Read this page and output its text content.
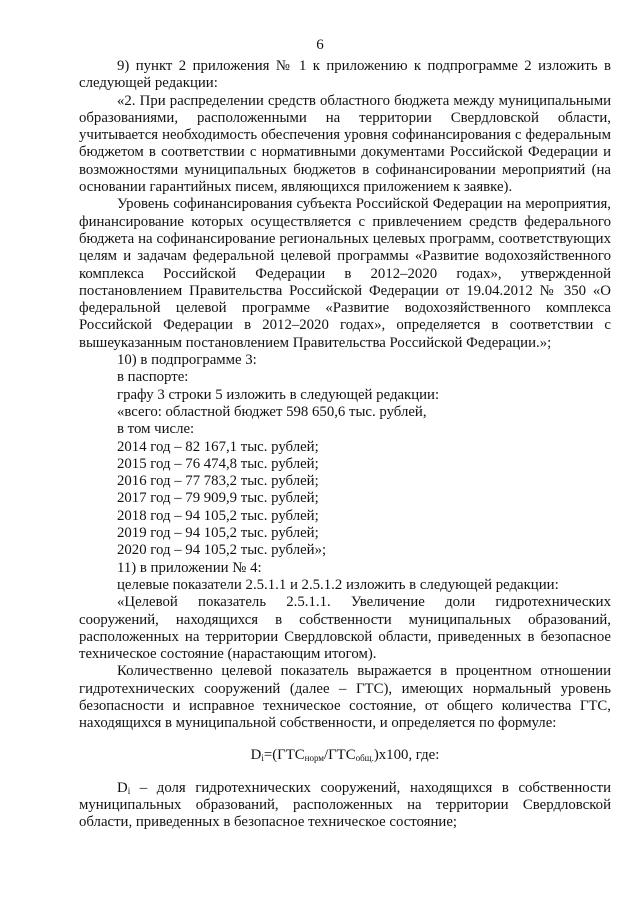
6

9) пункт 2 приложения № 1 к приложению к подпрограмме 2 изложить в следующей редакции:

«2. При распределении средств областного бюджета между муниципальными образованиями, расположенными на территории Свердловской области, учитывается необходимость обеспечения уровня софинансирования с федеральным бюджетом в соответствии с нормативными документами Российской Федерации и возможностями муниципальных бюджетов в софинансировании мероприятий (на основании гарантийных писем, являющихся приложением к заявке).

Уровень софинансирования субъекта Российской Федерации на мероприятия, финансирование которых осуществляется с привлечением средств федерального бюджета на софинансирование региональных целевых программ, соответствующих целям и задачам федеральной целевой программы «Развитие водохозяйственного комплекса Российской Федерации в 2012–2020 годах», утвержденной постановлением Правительства Российской Федерации от 19.04.2012 № 350 «О федеральной целевой программе «Развитие водохозяйственного комплекса Российской Федерации в 2012–2020 годах», определяется в соответствии с вышеуказанным постановлением Правительства Российской Федерации.»;

10) в подпрограмме 3:

в паспорте:

графу 3 строки 5 изложить в следующей редакции:

«всего: областной бюджет 598 650,6 тыс. рублей,

в том числе:

2014 год – 82 167,1 тыс. рублей;

2015 год – 76 474,8 тыс. рублей;

2016 год – 77 783,2 тыс. рублей;

2017 год – 79 909,9 тыс. рублей;

2018 год – 94 105,2 тыс. рублей;

2019 год – 94 105,2 тыс. рублей;

2020 год – 94 105,2 тыс. рублей»;

11) в приложении № 4:

целевые показатели 2.5.1.1 и 2.5.1.2 изложить в следующей редакции:

«Целевой показатель 2.5.1.1. Увеличение доли гидротехнических сооружений, находящихся в собственности муниципальных образований, расположенных на территории Свердловской области, приведенных в безопасное техническое состояние (нарастающим итогом).

Количественно целевой показатель выражается в процентном отношении гидротехнических сооружений (далее – ГТС), имеющих нормальный уровень безопасности и исправное техническое состояние, от общего количества ГТС, находящихся в муниципальной собственности, и определяется по формуле:

$D_i=(ГТС_{норм}/ГТС_{общ.})х100$, где:

$D_i$ – доля гидротехнических сооружений, находящихся в собственности муниципальных образований, расположенных на территории Свердловской области, приведенных в безопасное техническое состояние;
